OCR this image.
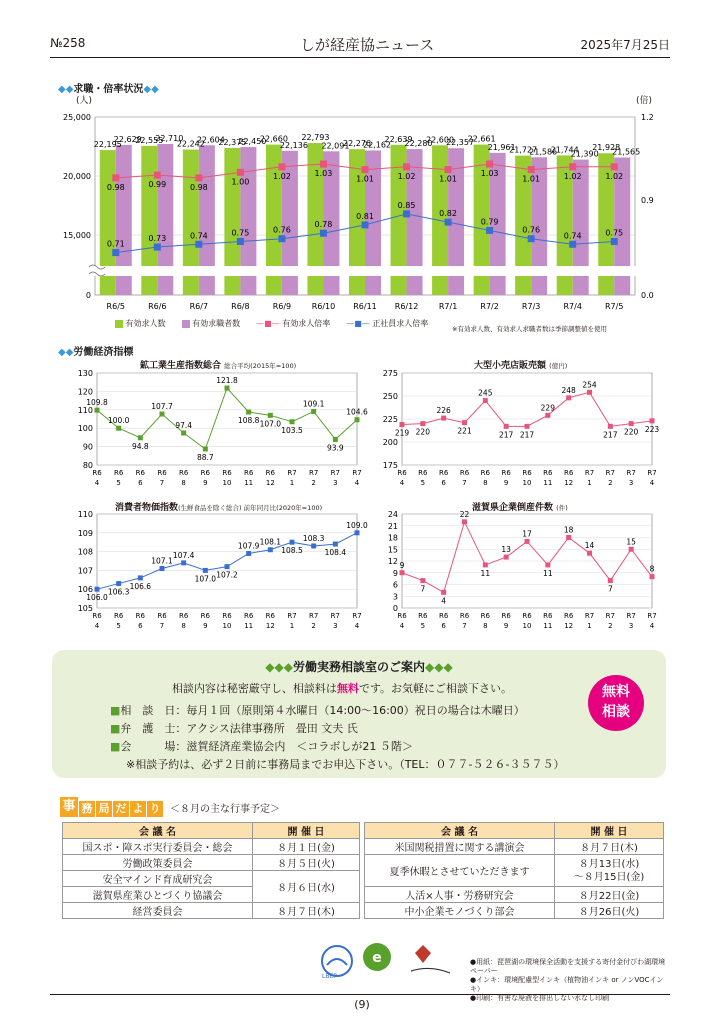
№258	しが経産協ニュース	2025年7月25日
◆◆求職・倍率状況◆◆
(人)	(倍)
25,000
20,000
15,000
0
1.2
0.9
0.0
22,195
22,629
R6/5
22,555
22,710
R6/6
22,242
22,604
R6/7
22,375
22,450
R6/8
22,660
22,136
R6/9
22,793
22,091
R6/10
22,276
22,162
R6/11
22,639
22,280
R6/12
22,600
22,357
R7/1
22,661
21,961
R7/2
21,727
21,586
R7/3
21,744
21,390
R7/4
21,928
21,565
R7/5
0.98	0.99	0.98
1.00
1.02	1.03
1.01	1.02	1.01
1.03
1.01	1.02	1.02
0.71
0.73	0.74	0.75	0.76
0.78
0.81
0.85
0.82
0.79
0.76
0.74	0.75
有効求人数	有効求職者数 —■— 有効求人倍率 —■— 正社員求人倍率
※有効求人数、有効求人求職者数は季節調整値を使用
◆◆労働経済指標
鉱工業生産指数総合 総合平均(2015年=100)
80
90
100
110
120
130
109.8
R6
4
100.0
R6
5
94.8
R6
6
107.7
R6
7
97.4
R6
8
88.7
R6
9
121.8
R6
10
108.8
R6
11
107.0
R6
12
103.5
R7
1
109.1
R7
2
93.9
R7
3
104.6
R7
4
大型小売店販売額 (億円)
175
200
225
250
275
219
R6
4
220
R6
5
226
R6
6
221
R6
7
245
R6
8
217
R6
9
217
R6
10
229
R6
11
248
R6
12
254
R7
1
217
R7
2
220
R7
3
223
R7
4
消費者物価指数(生鮮食品を除く総合) 前年同月比(2020年=100)
105
106
107
108
109
110
106.0
R6
4
106.3
R6
5
106.6
R6
6
107.1
R6
7
107.4
R6
8
107.0
R6
9
107.2
R6
10
107.9
R6
11
108.1
R6
12
108.5
R7
1
108.3
R7
2
108.4
R7
3
109.0
R7
4
滋賀県企業倒産件数 (件)
0
3
6
9
12
15
18
21
24
9
R6
4
7
R6
5
4
R6
6
22
R6
7
11
R6
8
13
R6
9
17
R6
10
11
R6
11
18
R6
12
14
R7
1
7
R7
2
15
R7
3
8
R7
4
◆◆◆労働実務相談室のご案内◆◆◆
相談内容は秘密厳守し、相談料は無料です。お気軽にご相談下さい。
■相　談　日：毎月１回（原則第４水曜日（14:00〜16:00）祝日の場合は木曜日）
■弁　護　士：アクシス法律事務所　畳田 文夫 氏
■会　　　場：滋賀経済産業協会内　＜コラボしが21 ５階＞
※相談予約は、必ず２日前に事務局までお申込下さい。（TEL：０７７-５２６-３５７５）
無料
相談
事 務 局 だ よ り ＜８月の主な行事予定＞
会 議 名	開 催 日
国スポ・障スポ実行委員会・総会	８月１日(金)
労働政策委員会	８月５日(火)
安全マインド育成研究会	８月６日(水)
滋賀県産業ひとづくり協議会	
経営委員会	８月７日(木)
会 議 名	開 催 日
米国関税措置に関する講演会	８月７日(木)
夏季休暇とさせていただきます	８月13日(水)
～８月15日(金)
人活×人事・労務研究会	８月22日(金)
中小企業モノづくり部会	８月26日(火)
e
LBEP
●用紙：琵琶湖の環境保全活動を支援する寄付金付びわ湖環境ペーパー
●インキ：環境配慮型インキ（植物油インキ or ノンVOCインキ）
●印刷：有害な廃液を排出しない水なし印刷
(9)
